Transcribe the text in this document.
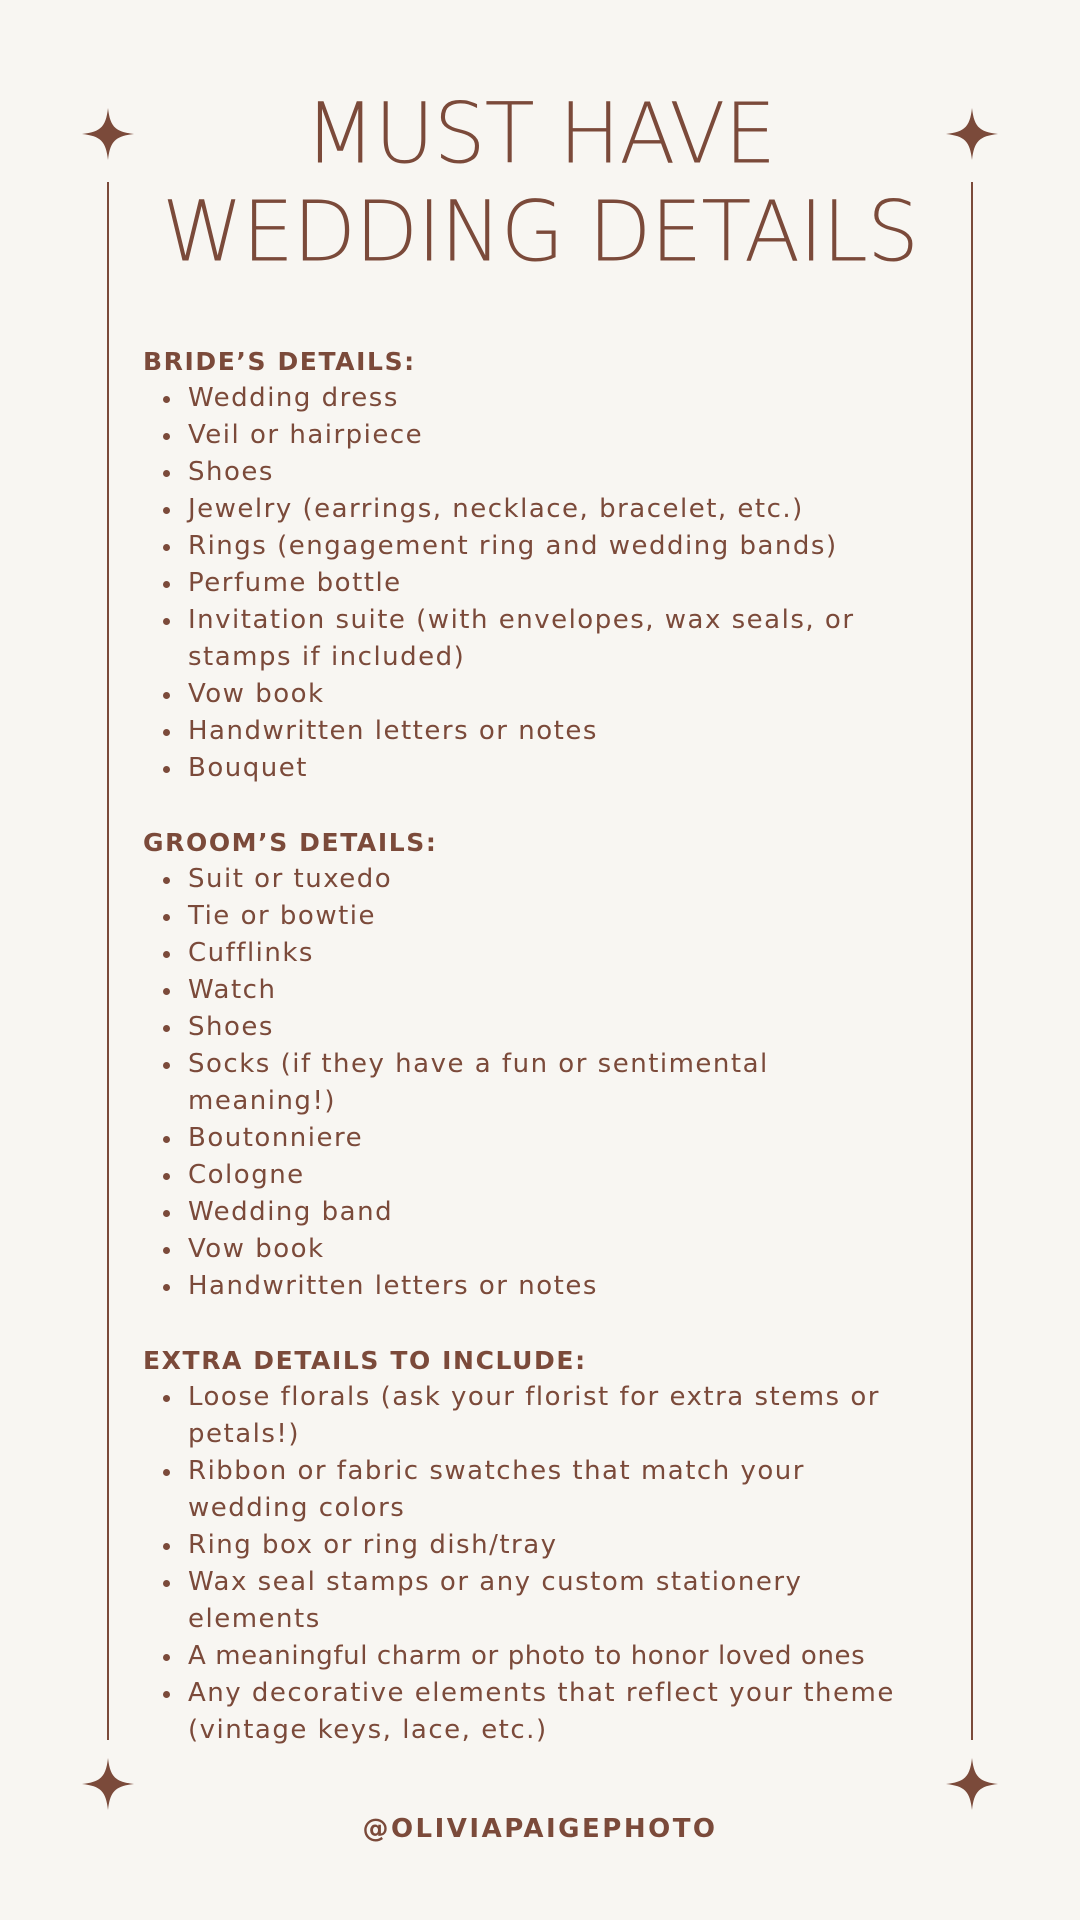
MUST HAVE
WEDDING DETAILS
BRIDE’S DETAILS:
Wedding dress
Veil or hairpiece
Shoes
Jewelry (earrings, necklace, bracelet, etc.)
Rings (engagement ring and wedding bands)
Perfume bottle
Invitation suite (with envelopes, wax seals, or stamps if included)
Vow book
Handwritten letters or notes
Bouquet
GROOM’S DETAILS:
Suit or tuxedo
Tie or bowtie
Cufflinks
Watch
Shoes
Socks (if they have a fun or sentimental meaning!)
Boutonniere
Cologne
Wedding band
Vow book
Handwritten letters or notes
EXTRA DETAILS TO INCLUDE:
Loose florals (ask your florist for extra stems or petals!)
Ribbon or fabric swatches that match your wedding colors
Ring box or ring dish/tray
Wax seal stamps or any custom stationery elements
A meaningful charm or photo to honor loved ones
Any decorative elements that reflect your theme (vintage keys, lace, etc.)
@OLIVIAPAIGEPHOTO
